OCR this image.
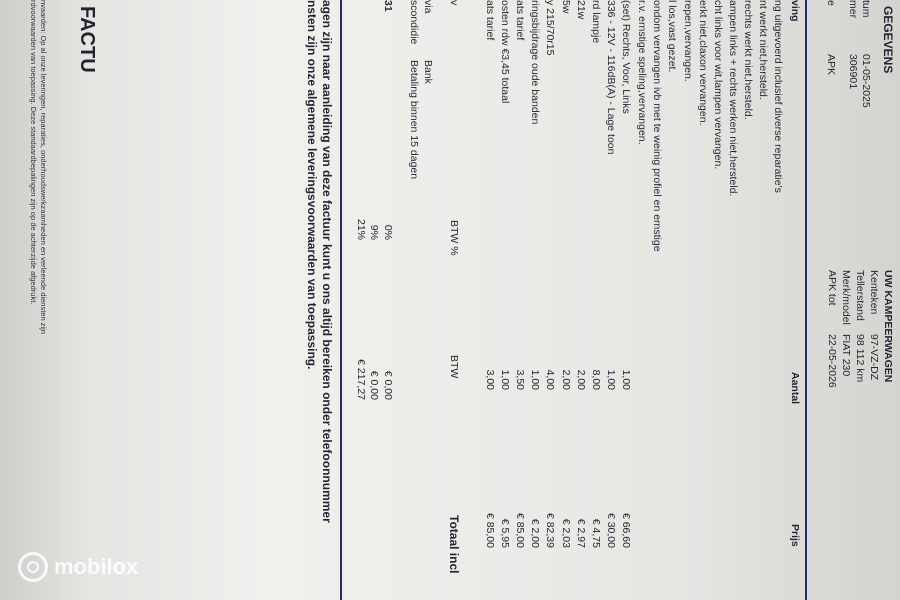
GEGEVENS
FACTU	tum
01-05-2025
mer
306901
e
APK
UW KAMPEERWAGEN
Kenteken
97-VZ-DZ
Tellerstand
98 112 km
Merk/model
FIAT 230
APK tot
22-05-2026
ving
Aantal
Prijs
ng uitgevoerd inclusief diverse reparatie's
nt werkt niet,hersteld.
rechts werkt niet,hersteld.
ampen links + rechts werken niet,hersteld.
cht links voor wit,lampen vervangen.
erkt niet,claxon vervangen.
repen,vervangen.
l los,vast gezet.
ondom vervangen ivb met te weinig profiel en ernstige
r.v. ernstige speling,vervangen.
(set) Rechts, Voor, Links
1,00
€ 66,60
336 - 12V - 116dB(A) - Lage toon
1,00
€ 30,00
rd lampje
8,00
€ 4,75
21w
2,00
€ 2,97
5w
2,00
€ 2,03
y 215/70r15
4,00
€ 82,39
ringsbijdrage oude banden
1,00
€ 2,00
ats tarief
3,50
€ 85,00
osten rdw €3,45 totaal
1,00
€ 5,95
ats tarief
3,00
€ 85,00
v
BTW %
BTW
Totaal incl
via
Bank
scondidie
Betaling binnen 15 dagen
31
0%
9%
21%
€ 0,00
€ 0,00
€ 217,27
agen zijn naar aanleiding van deze factuur kunt u ons altijd bereiken onder telefoonnummer
nsten zijn onze algemene leveringsvoorwaarden van toepassing.
nvaarden: Op al onze leveringen, reparaties, onderhoudswerkzaamheden en verleende diensten zijn
rdvoorwaarden van toepassing. Deze standaardbepalingen zijn op de achterzijde afgedrukt.
mobilox
